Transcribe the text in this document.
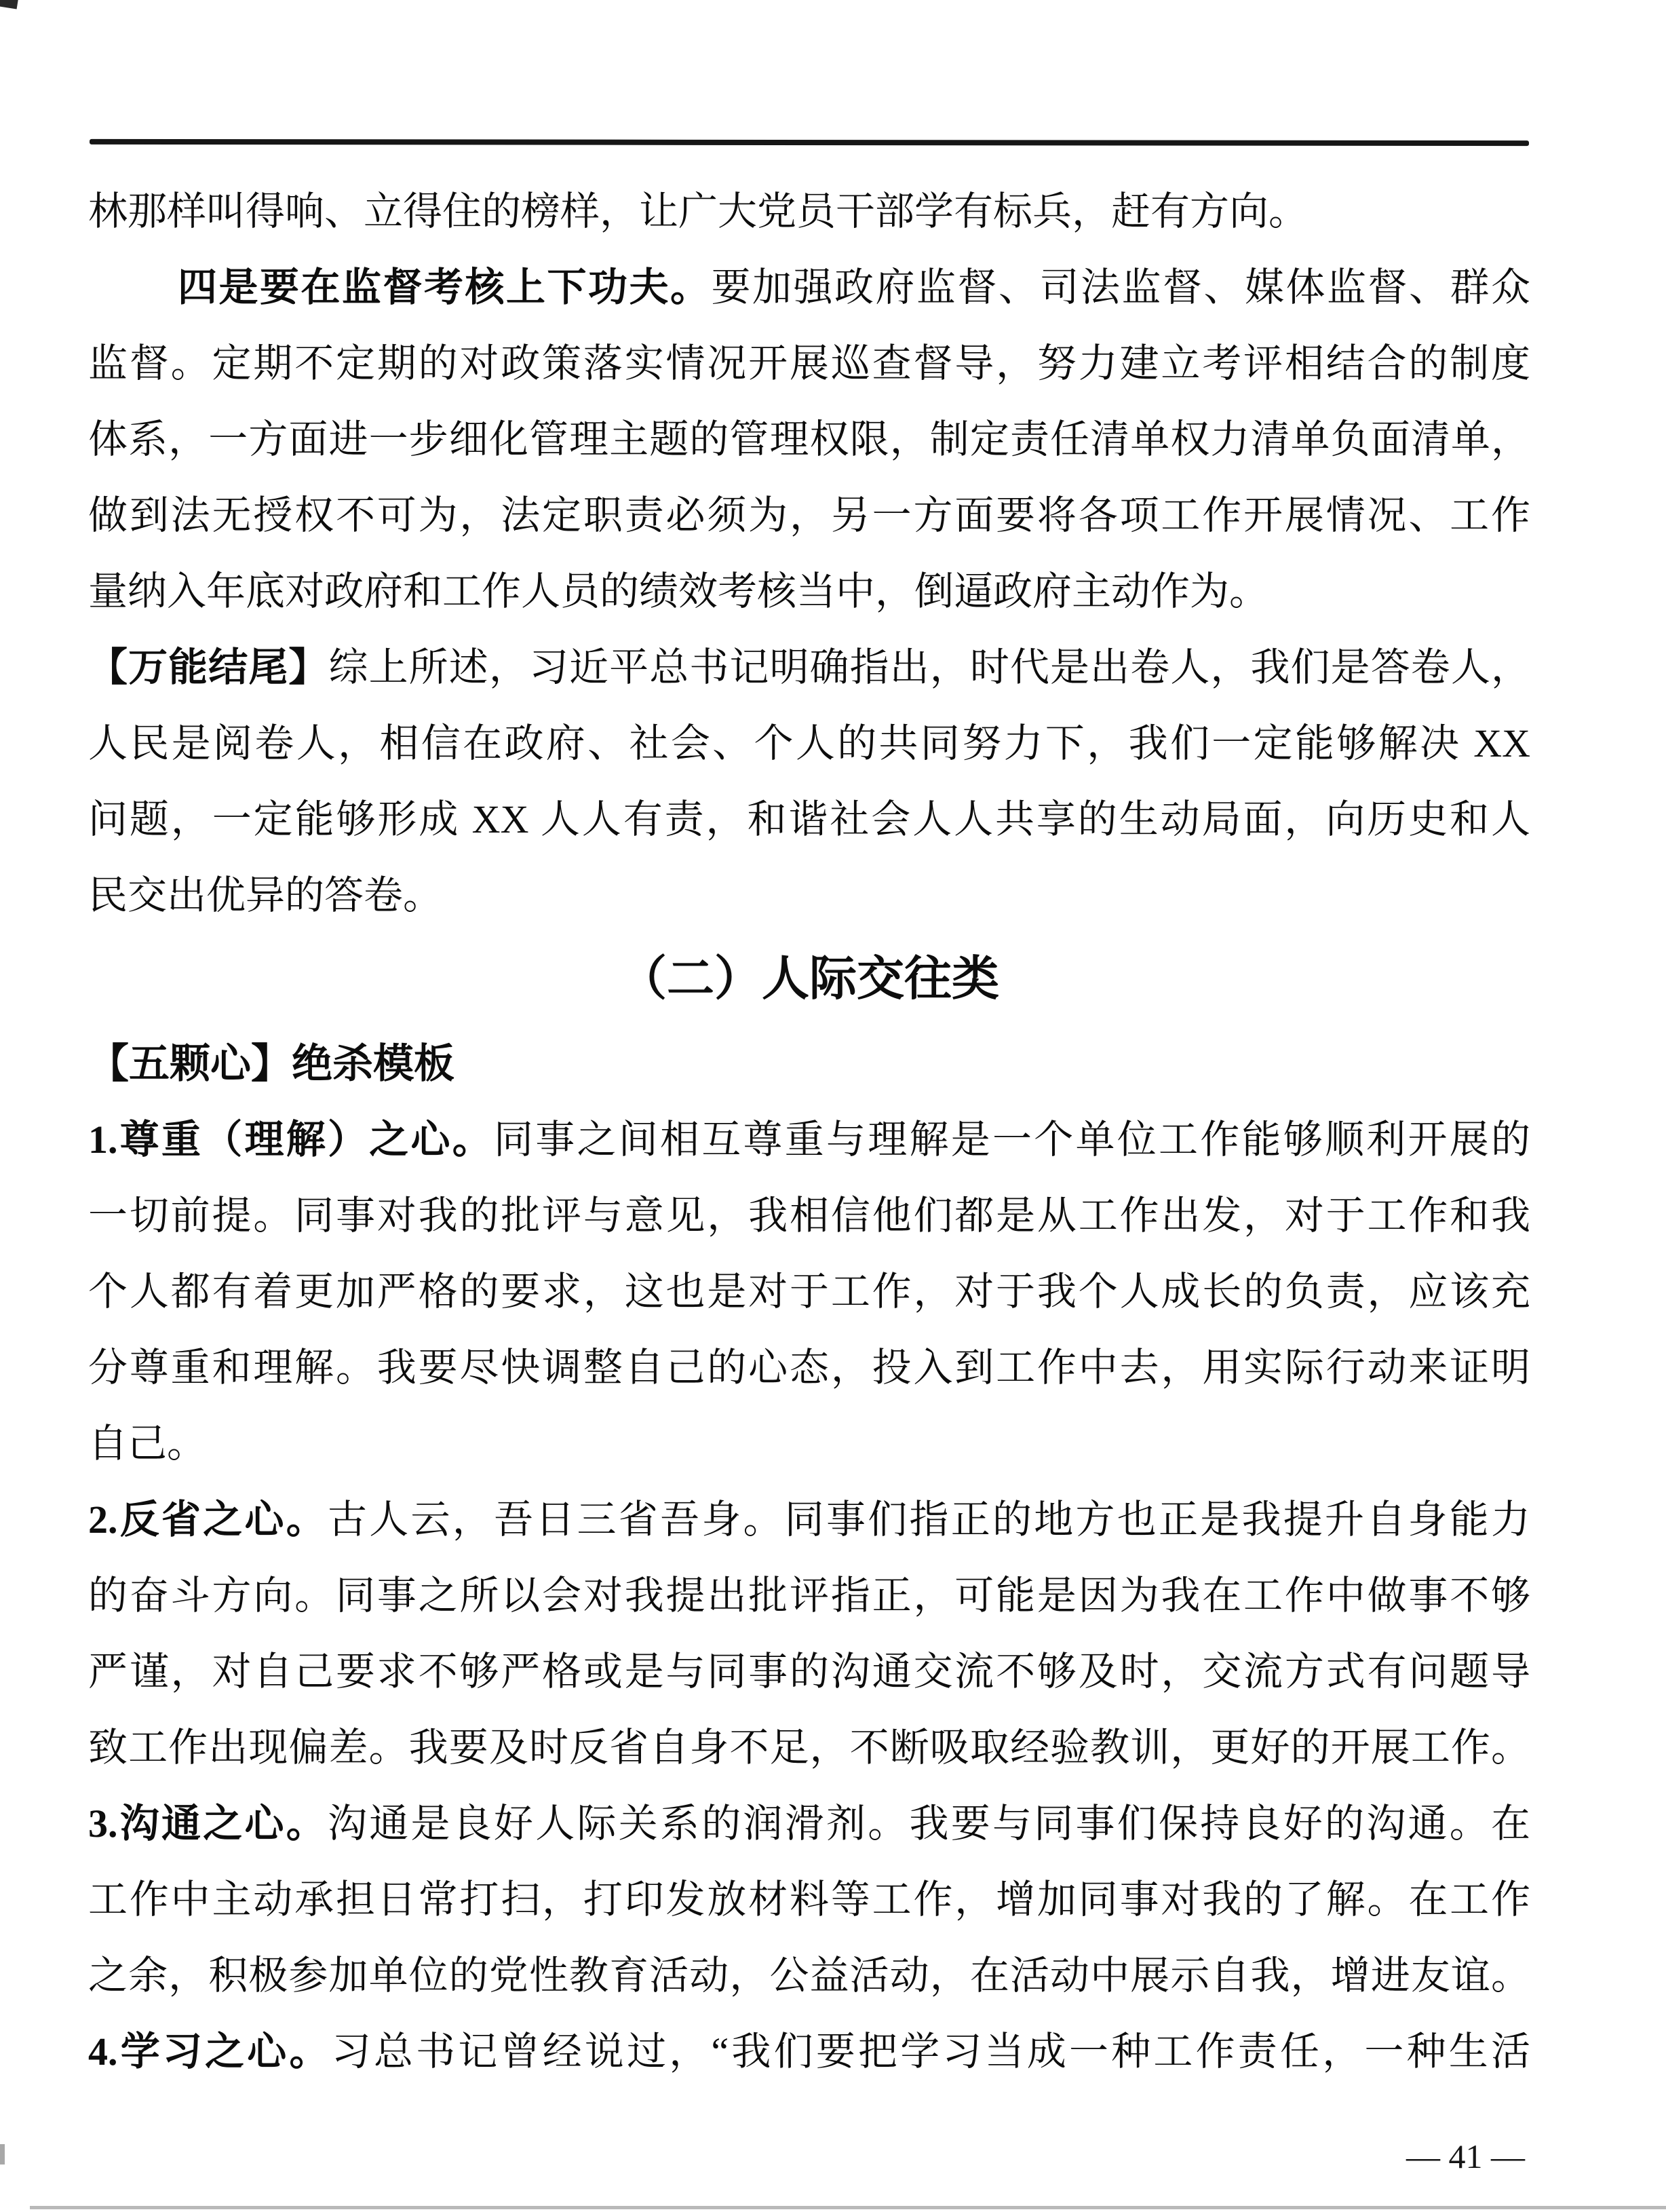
林那样叫得响、立得住的榜样，让广大党员干部学有标兵，赶有方向。
四是要在监督考核上下功夫。要加强政府监督、司法监督、媒体监督、群众
监督。定期不定期的对政策落实情况开展巡查督导，努力建立考评相结合的制度
体系，一方面进一步细化管理主题的管理权限，制定责任清单权力清单负面清单，
做到法无授权不可为，法定职责必须为，另一方面要将各项工作开展情况、工作
量纳入年底对政府和工作人员的绩效考核当中，倒逼政府主动作为。
【万能结尾】综上所述，习近平总书记明确指出，时代是出卷人，我们是答卷人，
人民是阅卷人，相信在政府、社会、个人的共同努力下，我们一定能够解决 XX
问题，一定能够形成 XX 人人有责，和谐社会人人共享的生动局面，向历史和人
民交出优异的答卷。
（二）人际交往类
【五颗心】绝杀模板
1.尊重（理解）之心。同事之间相互尊重与理解是一个单位工作能够顺利开展的
一切前提。同事对我的批评与意见，我相信他们都是从工作出发，对于工作和我
个人都有着更加严格的要求，这也是对于工作，对于我个人成长的负责，应该充
分尊重和理解。我要尽快调整自己的心态，投入到工作中去，用实际行动来证明
自己。
2.反省之心。古人云，吾日三省吾身。同事们指正的地方也正是我提升自身能力
的奋斗方向。同事之所以会对我提出批评指正，可能是因为我在工作中做事不够
严谨，对自己要求不够严格或是与同事的沟通交流不够及时，交流方式有问题导
致工作出现偏差。我要及时反省自身不足，不断吸取经验教训，更好的开展工作。
3.沟通之心。沟通是良好人际关系的润滑剂。我要与同事们保持良好的沟通。在
工作中主动承担日常打扫，打印发放材料等工作，增加同事对我的了解。在工作
之余，积极参加单位的党性教育活动，公益活动，在活动中展示自我，增进友谊。
4.学习之心。习总书记曾经说过，“我们要把学习当成一种工作责任，一种生活
— 41 —
